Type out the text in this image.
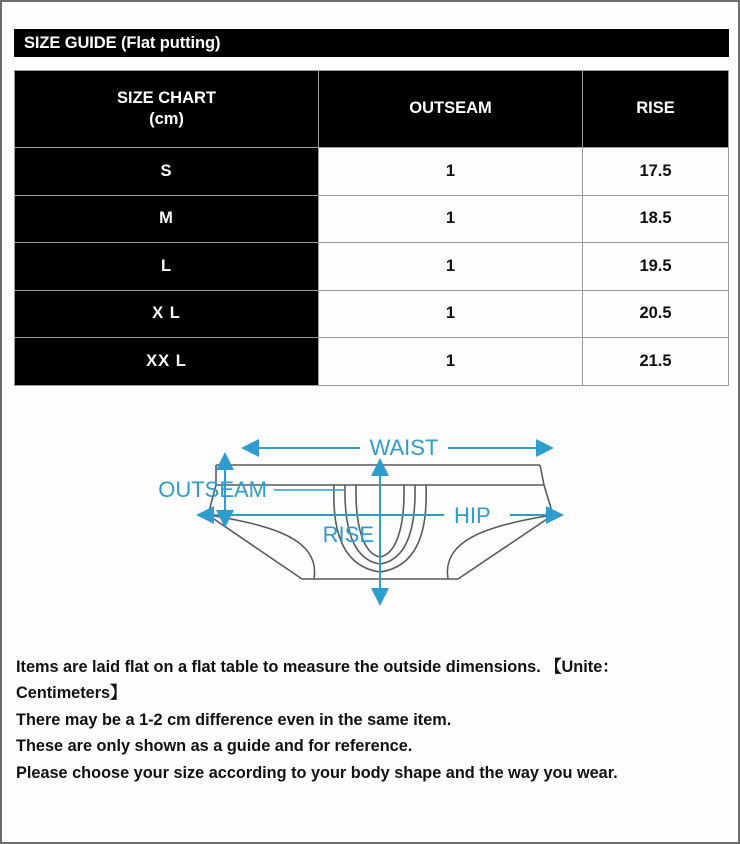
SIZE GUIDE (Flat putting)
SIZE CHART
(cm)	OUTSEAM	RISE
S	1	17.5
M	1	18.5
L	1	19.5
X L	1	20.5
XX L	1	21.5
WAIST
OUTSEAM
RISE
HIP

Items are laid flat on a flat table to measure the outside dimensions. 【Unite：

Centimeters】

There may be a 1-2 cm difference even in the same item.

These are only shown as a guide and for reference.

Please choose your size according to your body shape and the way you wear.
